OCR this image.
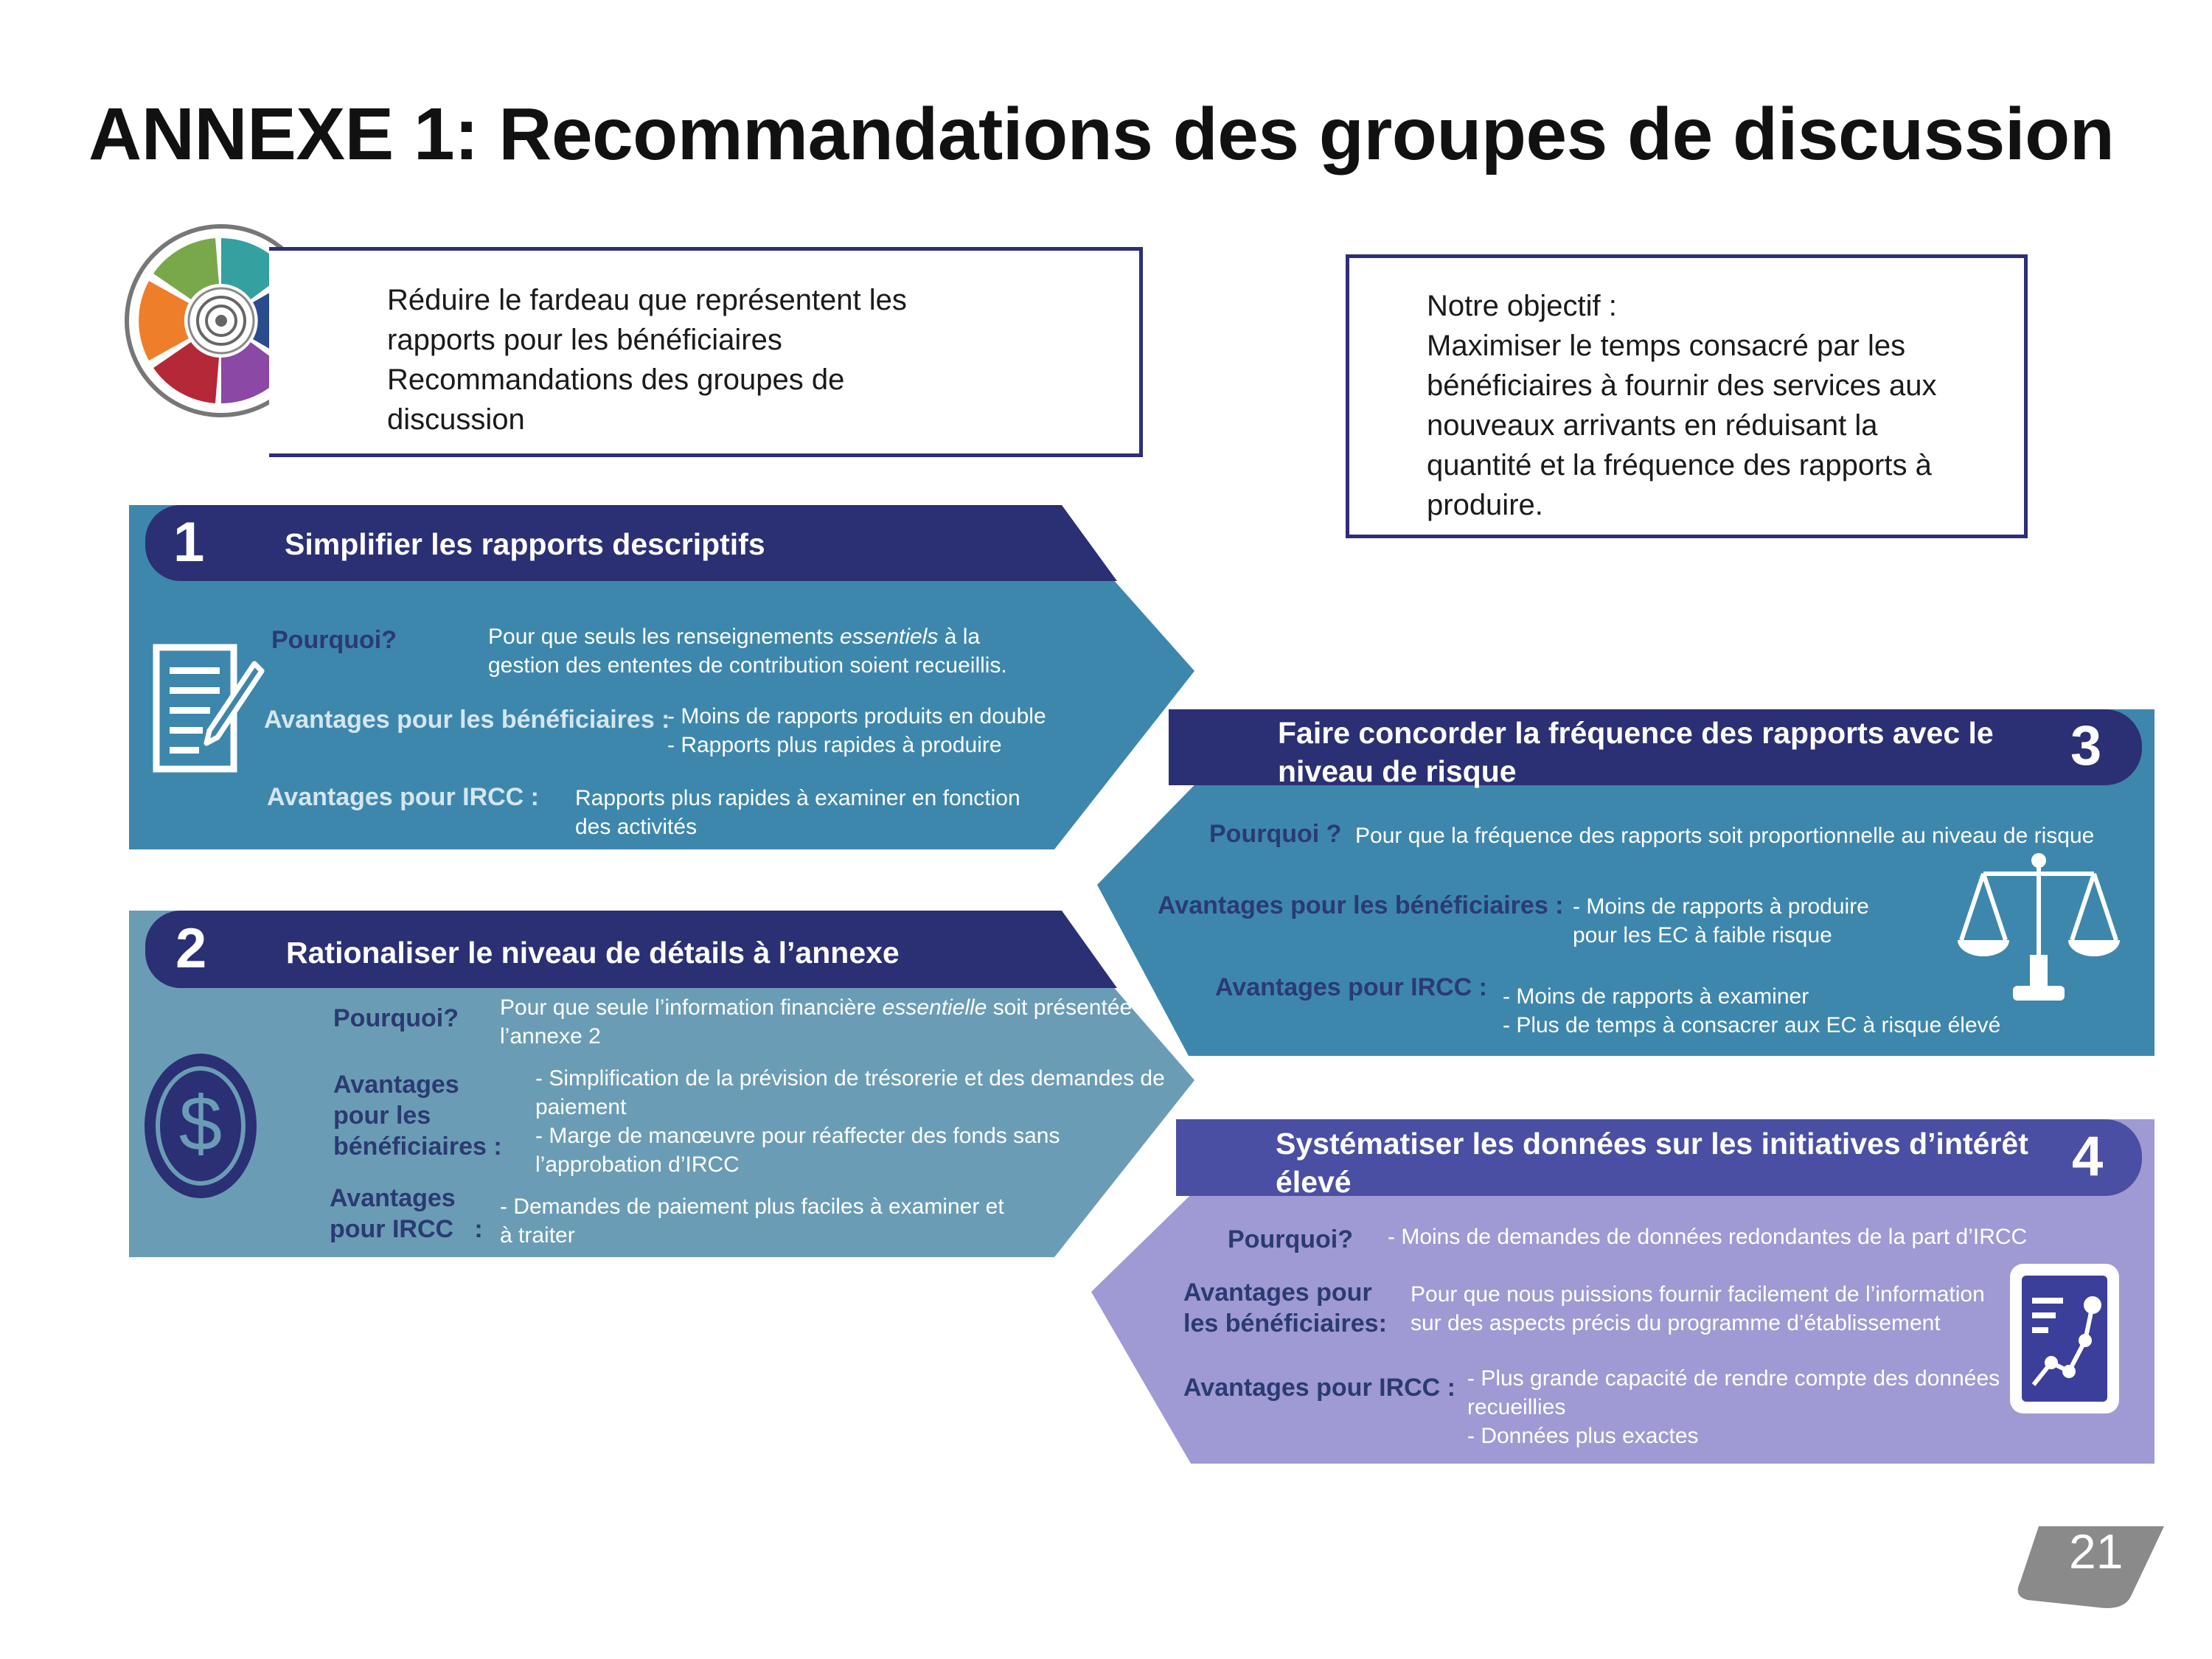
ANNEXE 1: Recommandations des groupes de discussion
Réduire le fardeau que représentent les
rapports pour les bénéficiaires
Recommandations des groupes de
discussion
Notre objectif :
Maximiser le temps consacré par les
bénéficiaires à fournir des services aux
nouveaux arrivants en réduisant la
quantité et la fréquence des rapports à
produire.
1	Simplifier les rapports descriptifs
Pourquoi?	Pour que seuls les renseignements essentiels à la
gestion des ententes de contribution soient recueillis.
Avantages pour les bénéficiaires :
- Moins de rapports produits en double
- Rapports plus rapides à produire
Avantages pour IRCC : Rapports plus rapides à examiner en fonction
des activités
2	Rationaliser le niveau de détails à l’annexe
$
Pourquoi? Pour que seule l’information financière essentielle soit présentée à
l’annexe 2
Avantages
pour les
bénéficiaires :
- Simplification de la prévision de trésorerie et des demandes de
paiement
- Marge de manœuvre pour réaffecter des fonds sans
l’approbation d’IRCC
Avantages
pour IRCC   :
- Demandes de paiement plus faciles à examiner et
à traiter
Faire concorder la fréquence des rapports avec le
niveau de risque	3
Pourquoi ? Pour que la fréquence des rapports soit proportionnelle au niveau de risque
Avantages pour les bénéficiaires : - Moins de rapports à produire
pour les EC à faible risque
Avantages pour IRCC : - Moins de rapports à examiner
- Plus de temps à consacrer aux EC à risque élevé
Systématiser les données sur les initiatives d’intérêt
élevé	4
Pourquoi? - Moins de demandes de données redondantes de la part d’IRCC
Avantages pour
les bénéficiaires:
Pour que nous puissions fournir facilement de l’information
sur des aspects précis du programme d’établissement
Avantages pour IRCC : - Plus grande capacité de rendre compte des données
recueillies
- Données plus exactes
21
